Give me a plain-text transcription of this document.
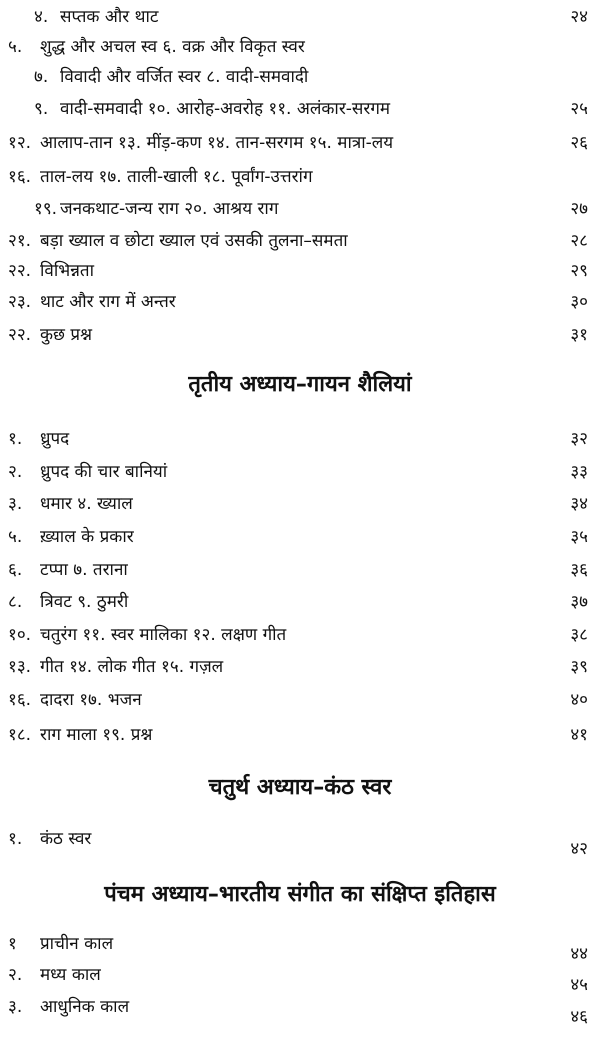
४. सप्तक और थाट	२४
५. शुद्ध और अचल स्व ६. वक्र और विकृत स्वर
७. विवादी और वर्जित स्वर ८. वादी-समवादी
९. वादी-समवादी १०. आरोह-अवरोह ११. अलंकार-सरगम	२५
१२. आलाप-तान १३. मींड़-कण १४. तान-सरगम १५. मात्रा-लय	२६
१६. ताल-लय १७. ताली-खाली १८. पूर्वांग-उत्तरांग
१९. जनकथाट-जन्य राग २०. आश्रय राग	२७
२१. बड़ा ख्याल व छोटा ख्याल एवं उसकी तुलना–समता	२८
२२. विभिन्नता	२९
२३. थाट और राग में अन्तर	३०
२२. कुछ प्रश्न	३१
तृतीय अध्याय–गायन शैलियां
१. ध्रुपद	३२
२. ध्रुपद की चार बानियां	३३
३. धमार ४. ख्याल	३४
५. ख़्याल के प्रकार	३५
६. टप्पा ७. तराना	३६
८. त्रिवट ९. ठुमरी	३७
१०. चतुरंग ११. स्वर मालिका १२. लक्षण गीत	३८
१३. गीत १४. लोक गीत १५. गज़ल	३९
१६. दादरा १७. भजन	४०
१८. राग माला १९. प्रश्न	४१
चतुर्थ अध्याय–कंठ स्वर
१. कंठ स्वर	४२
पंचम अध्याय–भारतीय संगीत का संक्षिप्त इतिहास
१ प्राचीन काल	४४
२. मध्य काल	४५
३. आधुनिक काल	४६
